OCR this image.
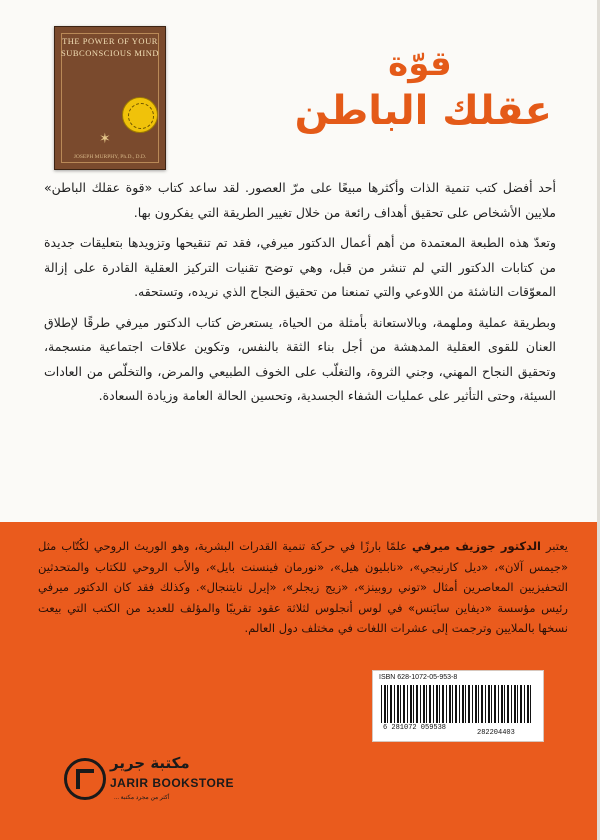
THE POWER OF YOUR SUBCONSCIOUS MIND
✶
JOSEPH MURPHY, Ph.D., D.D.
قوّة
عقلك الباطن

أحد أفضل كتب تنمية الذات وأكثرها مبيعًا على مرّ العصور. لقد ساعد كتاب «قوة عقلك الباطن» ملايين الأشخاص على تحقيق أهداف رائعة من خلال تغيير الطريقة التي يفكرون بها.

وتعدّ هذه الطبعة المعتمدة من أهم أعمال الدكتور ميرفي، فقد تم تنقيحها وتزويدها بتعليقات جديدة من كتابات الدكتور التي لم تنشر من قبل، وهي توضح تقنيات التركيز العقلية القادرة على إزالة المعوّقات الناشئة من اللاوعي والتي تمنعنا من تحقيق النجاح الذي نريده، وتستحقه.

وبطريقة عملية وملهمة، وبالاستعانة بأمثلة من الحياة، يستعرض كتاب الدكتور ميرفي طرقًا لإطلاق العنان للقوى العقلية المدهشة من أجل بناء الثقة بالنفس، وتكوين علاقات اجتماعية منسجمة، وتحقيق النجاح المهني، وجني الثروة، والتغلّب على الخوف الطبيعي والمرض، والتخلّص من العادات السيئة، وحتى التأثير على عمليات الشفاء الجسدية، وتحسين الحالة العامة وزيادة السعادة.

يعتبر الدكتور جوزيف ميرفي علمًا بارزًا في حركة تنمية القدرات البشرية، وهو الوريث الروحي لكُتّاب مثل «جيمس آلان»، «ديل كارنيجي»، «نابليون هيل»، «نورمان فينسنت بايل»، والأب الروحي للكتاب والمتحدثين التحفيزيين المعاصرين أمثال «توني روبينز»، «زيج زيجلر»، «إيرل نايتنجال». وكذلك فقد كان الدكتور ميرفي رئيس مؤسسة «ديفاين سايَنس» في لوس أنجلوس لثلاثة عقود تقريبًا والمؤلف للعديد من الكتب التي بيعت نسخها بالملايين وترجمت إلى عشرات اللغات في مختلف دول العالم.
ISBN 628-1072-05-953-8
6 281072 059538
282204403
مكتبة جرير
JARIR BOOKSTORE
... أكثر من مجرد مكتبة
